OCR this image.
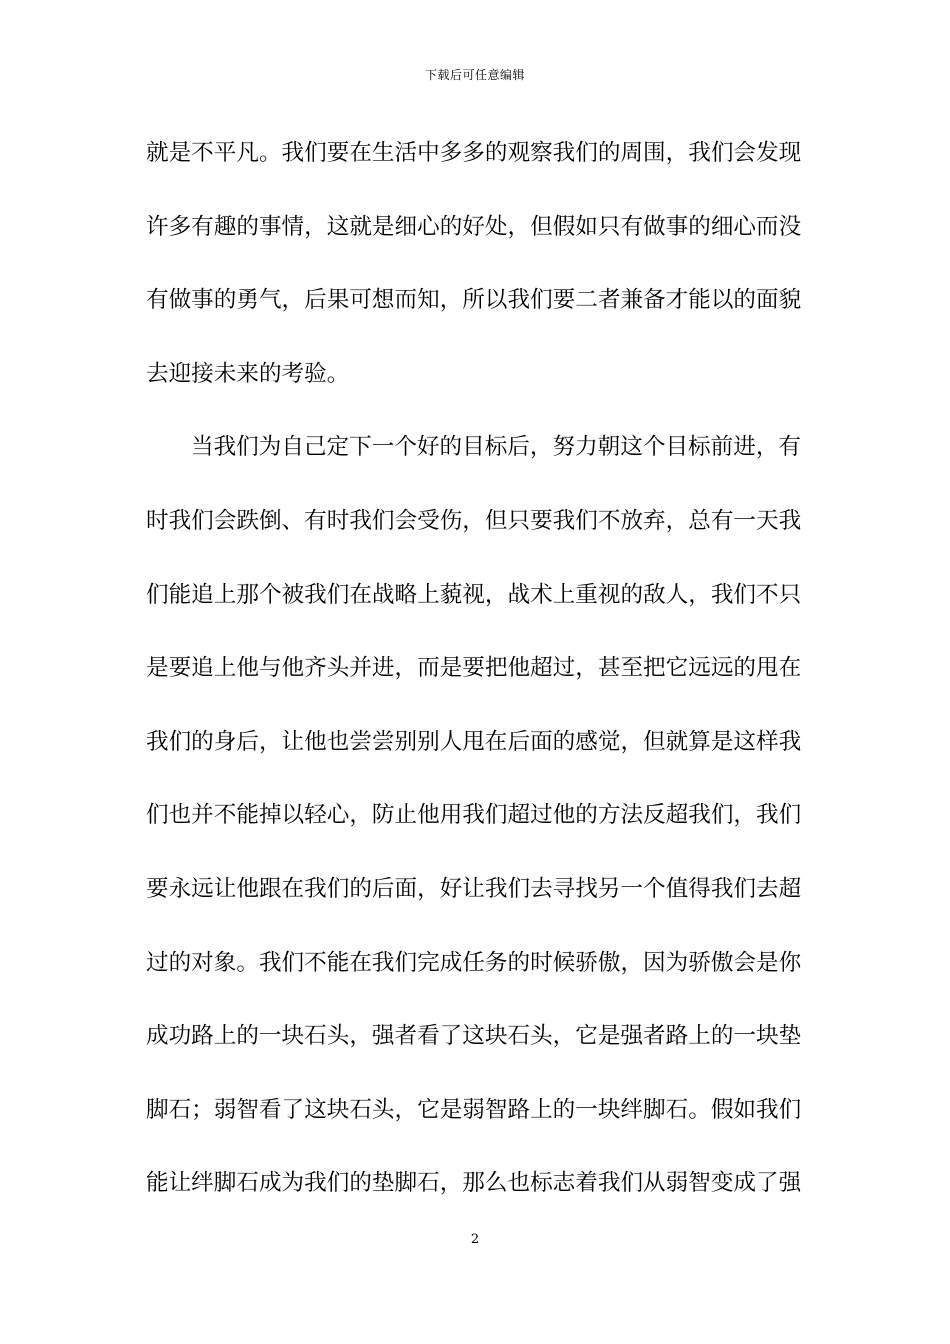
下载后可任意编辑
就是不平凡。我们要在生活中多多的观察我们的周围，我们会发现
许多有趣的事情，这就是细心的好处，但假如只有做事的细心而没
有做事的勇气，后果可想而知，所以我们要二者兼备才能以的面貌
去迎接未来的考验。
当我们为自己定下一个好的目标后，努力朝这个目标前进，有
时我们会跌倒、有时我们会受伤，但只要我们不放弃，总有一天我
们能追上那个被我们在战略上藐视，战术上重视的敌人，我们不只
是要追上他与他齐头并进，而是要把他超过，甚至把它远远的甩在
我们的身后，让他也尝尝别别人甩在后面的感觉，但就算是这样我
们也并不能掉以轻心，防止他用我们超过他的方法反超我们，我们
要永远让他跟在我们的后面，好让我们去寻找另一个值得我们去超
过的对象。我们不能在我们完成任务的时候骄傲，因为骄傲会是你
成功路上的一块石头，强者看了这块石头，它是强者路上的一块垫
脚石；弱智看了这块石头，它是弱智路上的一块绊脚石。假如我们
能让绊脚石成为我们的垫脚石，那么也标志着我们从弱智变成了强
2
